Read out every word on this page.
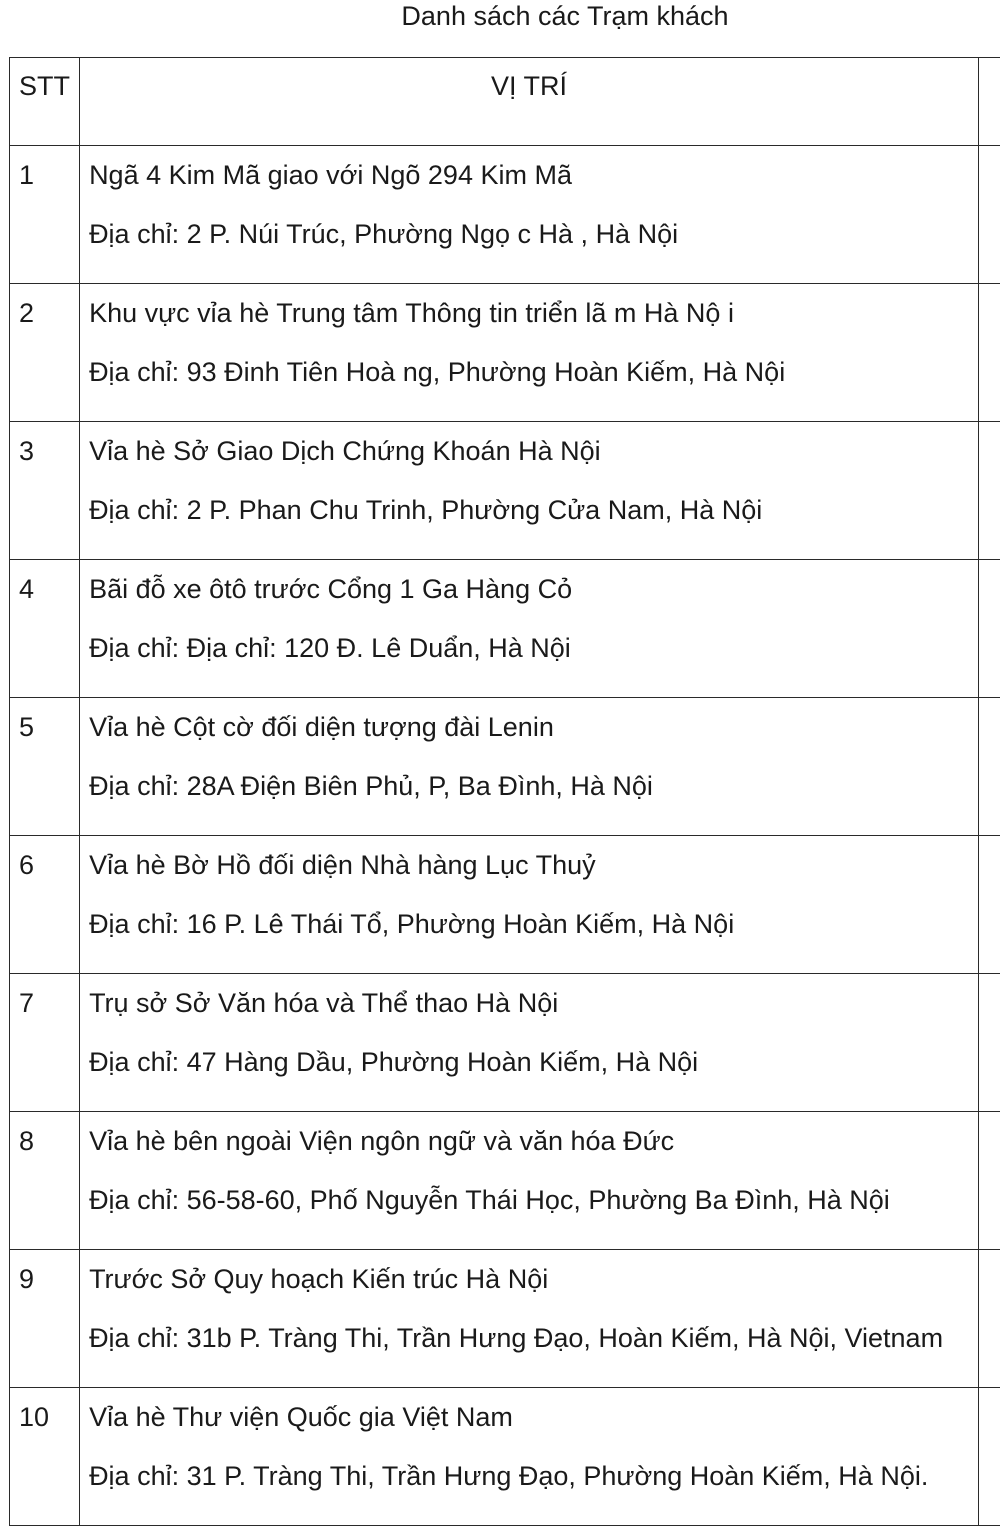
Danh sách các Trạm khách
STT	VỊ TRÍ	
1	Ngã 4 Kim Mã giao với Ngõ 294 Kim Mã
Địa chỉ: 2 P. Núi Trúc, Phường Ngọ c Hà , Hà Nội	

2	Khu vực vỉa hè Trung tâm Thông tin triển lã m Hà Nộ i
Địa chỉ: 93 Đinh Tiên Hoà ng, Phường Hoàn Kiếm, Hà Nội	

3	Vỉa hè Sở Giao Dịch Chứng Khoán Hà Nội
Địa chỉ: 2 P. Phan Chu Trinh, Phường Cửa Nam, Hà Nội	

4	Bãi đỗ xe ôtô trước Cổng 1 Ga Hàng Cỏ
Địa chỉ: Địa chỉ: 120 Đ. Lê Duẩn, Hà Nội	

5	Vỉa hè Cột cờ đối diện tượng đài Lenin
Địa chỉ: 28A Điện Biên Phủ, P, Ba Đình, Hà Nội	

6	Vỉa hè Bờ Hồ đối diện Nhà hàng Lục Thuỷ
Địa chỉ: 16 P. Lê Thái Tổ, Phường Hoàn Kiếm, Hà Nội	

7	Trụ sở Sở Văn hóa và Thể thao Hà Nội
Địa chỉ: 47 Hàng Dầu, Phường Hoàn Kiếm, Hà Nội	

8	Vỉa hè bên ngoài Viện ngôn ngữ và văn hóa Đức
Địa chỉ: 56-58-60, Phố Nguyễn Thái Học, Phường Ba Đình, Hà Nội	

9	Trước Sở Quy hoạch Kiến trúc Hà Nội
Địa chỉ: 31b P. Tràng Thi, Trần Hưng Đạo, Hoàn Kiếm, Hà Nội, Vietnam	

10	Vỉa hè Thư viện Quốc gia Việt Nam
Địa chỉ: 31 P. Tràng Thi, Trần Hưng Đạo, Phường Hoàn Kiếm, Hà Nội.	
